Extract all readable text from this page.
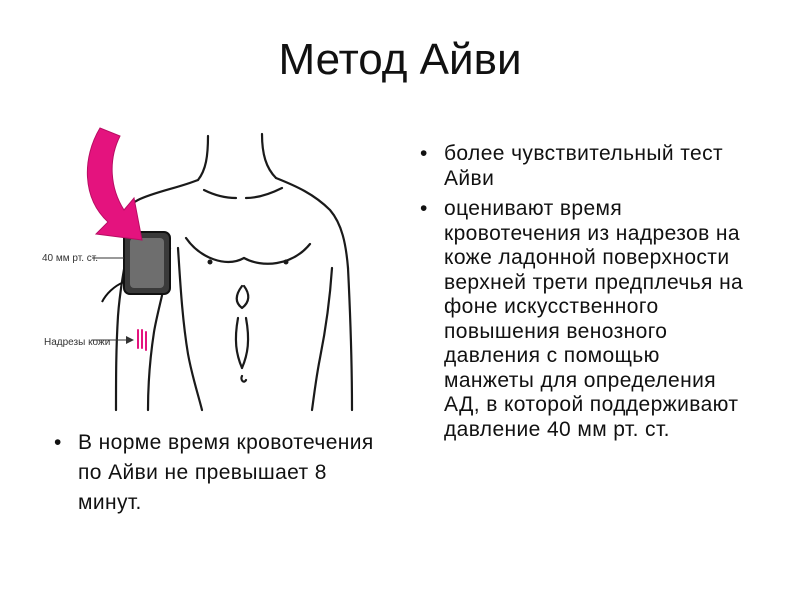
Метод Айви
40 мм рт. ст.
Надрезы кожи
• более чувствительный тест Айви
• оценивают время кровотечения из надрезов на коже ладонной поверхности верхней трети предплечья на фоне искусственного повышения венозного давления с помощью манжеты для определения АД, в которой поддерживают давление 40 мм рт. ст.
• В норме время кровотечения по Айви не превышает 8 минут.
